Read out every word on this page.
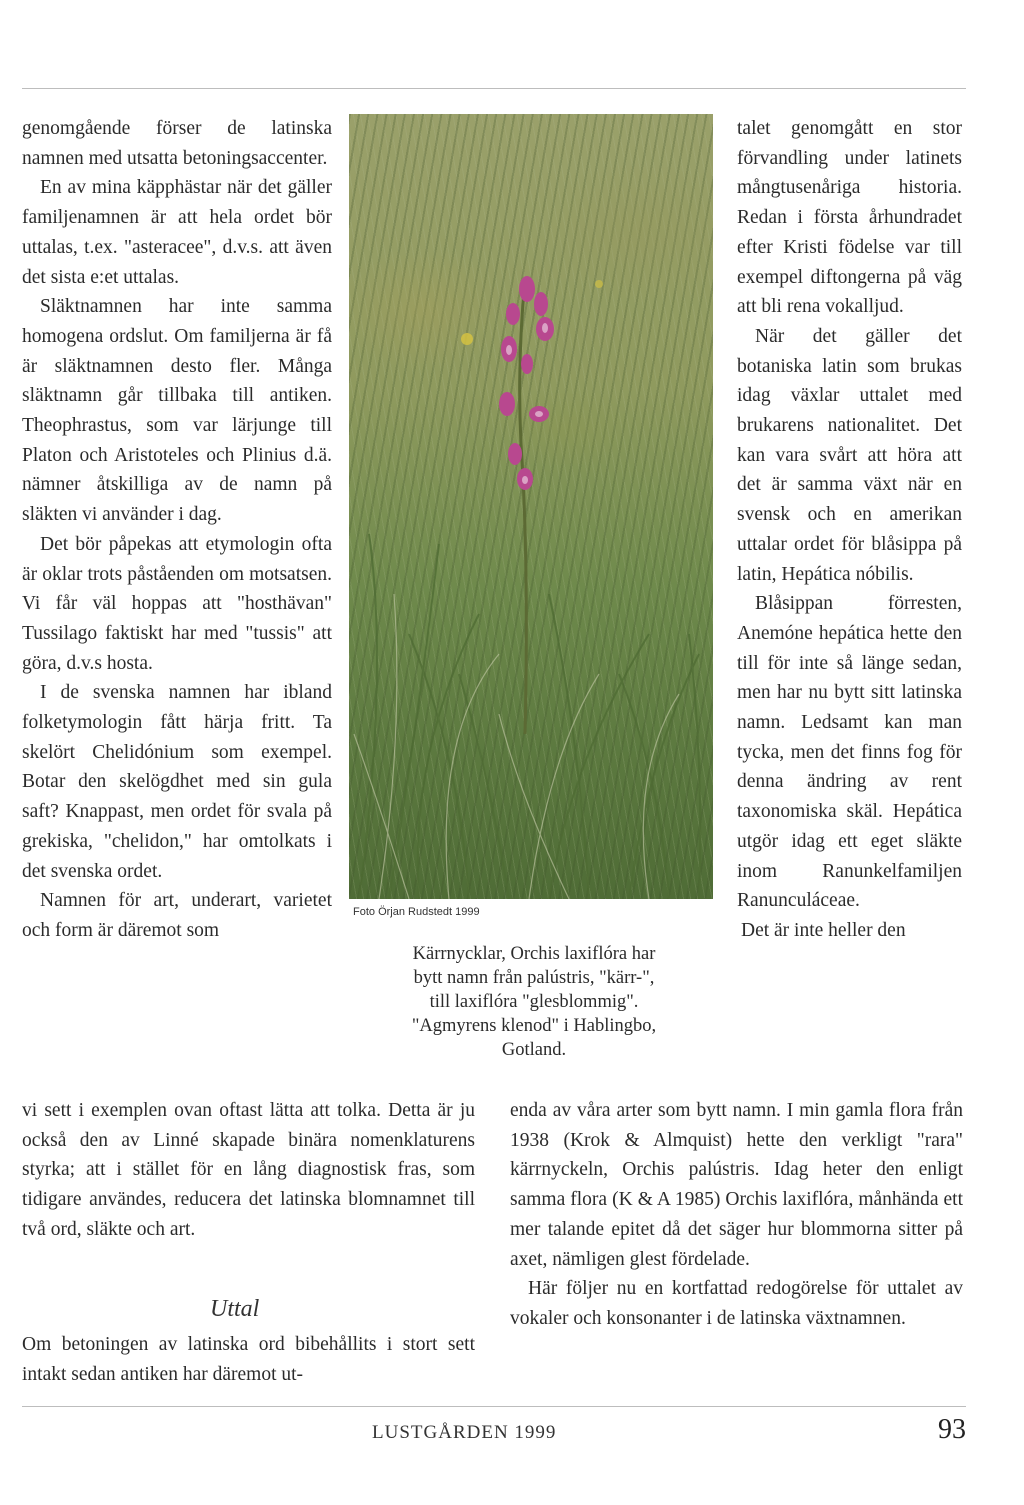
genomgående förser de latinska namnen med utsatta betoningsaccenter.

En av mina käpphästar när det gäller familjenamnen är att hela ordet bör uttalas, t.ex. "asteracee", d.v.s. att även det sista e:et uttalas.

Släktnamnen har inte samma homogena ordslut. Om familjerna är få är släktnamnen desto fler. Många släktnamn går tillbaka till antiken. Theophrastus, som var lärjunge till Platon och Aristoteles och Plinius d.ä. nämner åtskilliga av de namn på släkten vi använder i dag.

Det bör påpekas att etymologin ofta är oklar trots påståenden om motsatsen. Vi får väl hoppas att "hosthävan" Tussilago faktiskt har med "tussis" att göra, d.v.s hosta.

I de svenska namnen har ibland folketymologin fått härja fritt. Ta skelört Chelidónium som exempel. Botar den skelögdhet med sin gula saft? Knappast, men ordet för svala på grekiska, "chelidon," har omtolkats i det svenska ordet.

Namnen för art, underart, varietet och form är däremot som

vi sett i exemplen ovan oftast lätta att tolka. Detta är ju också den av Linné skapade binära nomenklaturens styrka; att i stället för en lång diagnostisk fras, som tidigare användes, reducera det latinska blomnamnet till två ord, släkte och art.

Uttal

Om betoningen av latinska ord bibehållits i stort sett intakt sedan antiken har däremot ut-

Foto Örjan Rudstedt 1999

Kärrnycklar, Orchis laxiflóra har

bytt namn från palústris, "kärr-",

till laxiflóra "glesblommig".

"Agmyrens klenod" i Hablingbo,

Gotland.

talet genomgått en stor förvandling under latinets mångtusenåriga historia. Redan i första århundradet efter Kristi födelse var till exempel diftongerna på väg att bli rena vokalljud.

När det gäller det botaniska latin som brukas idag växlar uttalet med brukarens nationalitet. Det kan vara svårt att höra att det är samma växt när en svensk och en amerikan uttalar ordet för blåsippa på latin, Hepática nóbilis.

Blåsippan förresten, Anemóne hepática hette den till för inte så länge sedan, men har nu bytt sitt latinska namn. Ledsamt kan man tycka, men det finns fog för denna ändring av rent taxonomiska skäl. Hepática utgör idag ett eget släkte inom Ranunkelfamiljen Ranunculáceae.

Det är inte heller den

enda av våra arter som bytt namn. I min gamla flora från 1938 (Krok & Almquist) hette den verkligt "rara" kärrnyckeln, Orchis palústris. Idag heter den enligt samma flora (K & A 1985) Orchis laxiflóra, månhända ett mer talande epitet då det säger hur blommorna sitter på axet, nämligen glest fördelade.

Här följer nu en kortfattad redogörelse för uttalet av vokaler och konsonanter i de latinska växtnamnen.

LUSTGÅRDEN 1999	93
